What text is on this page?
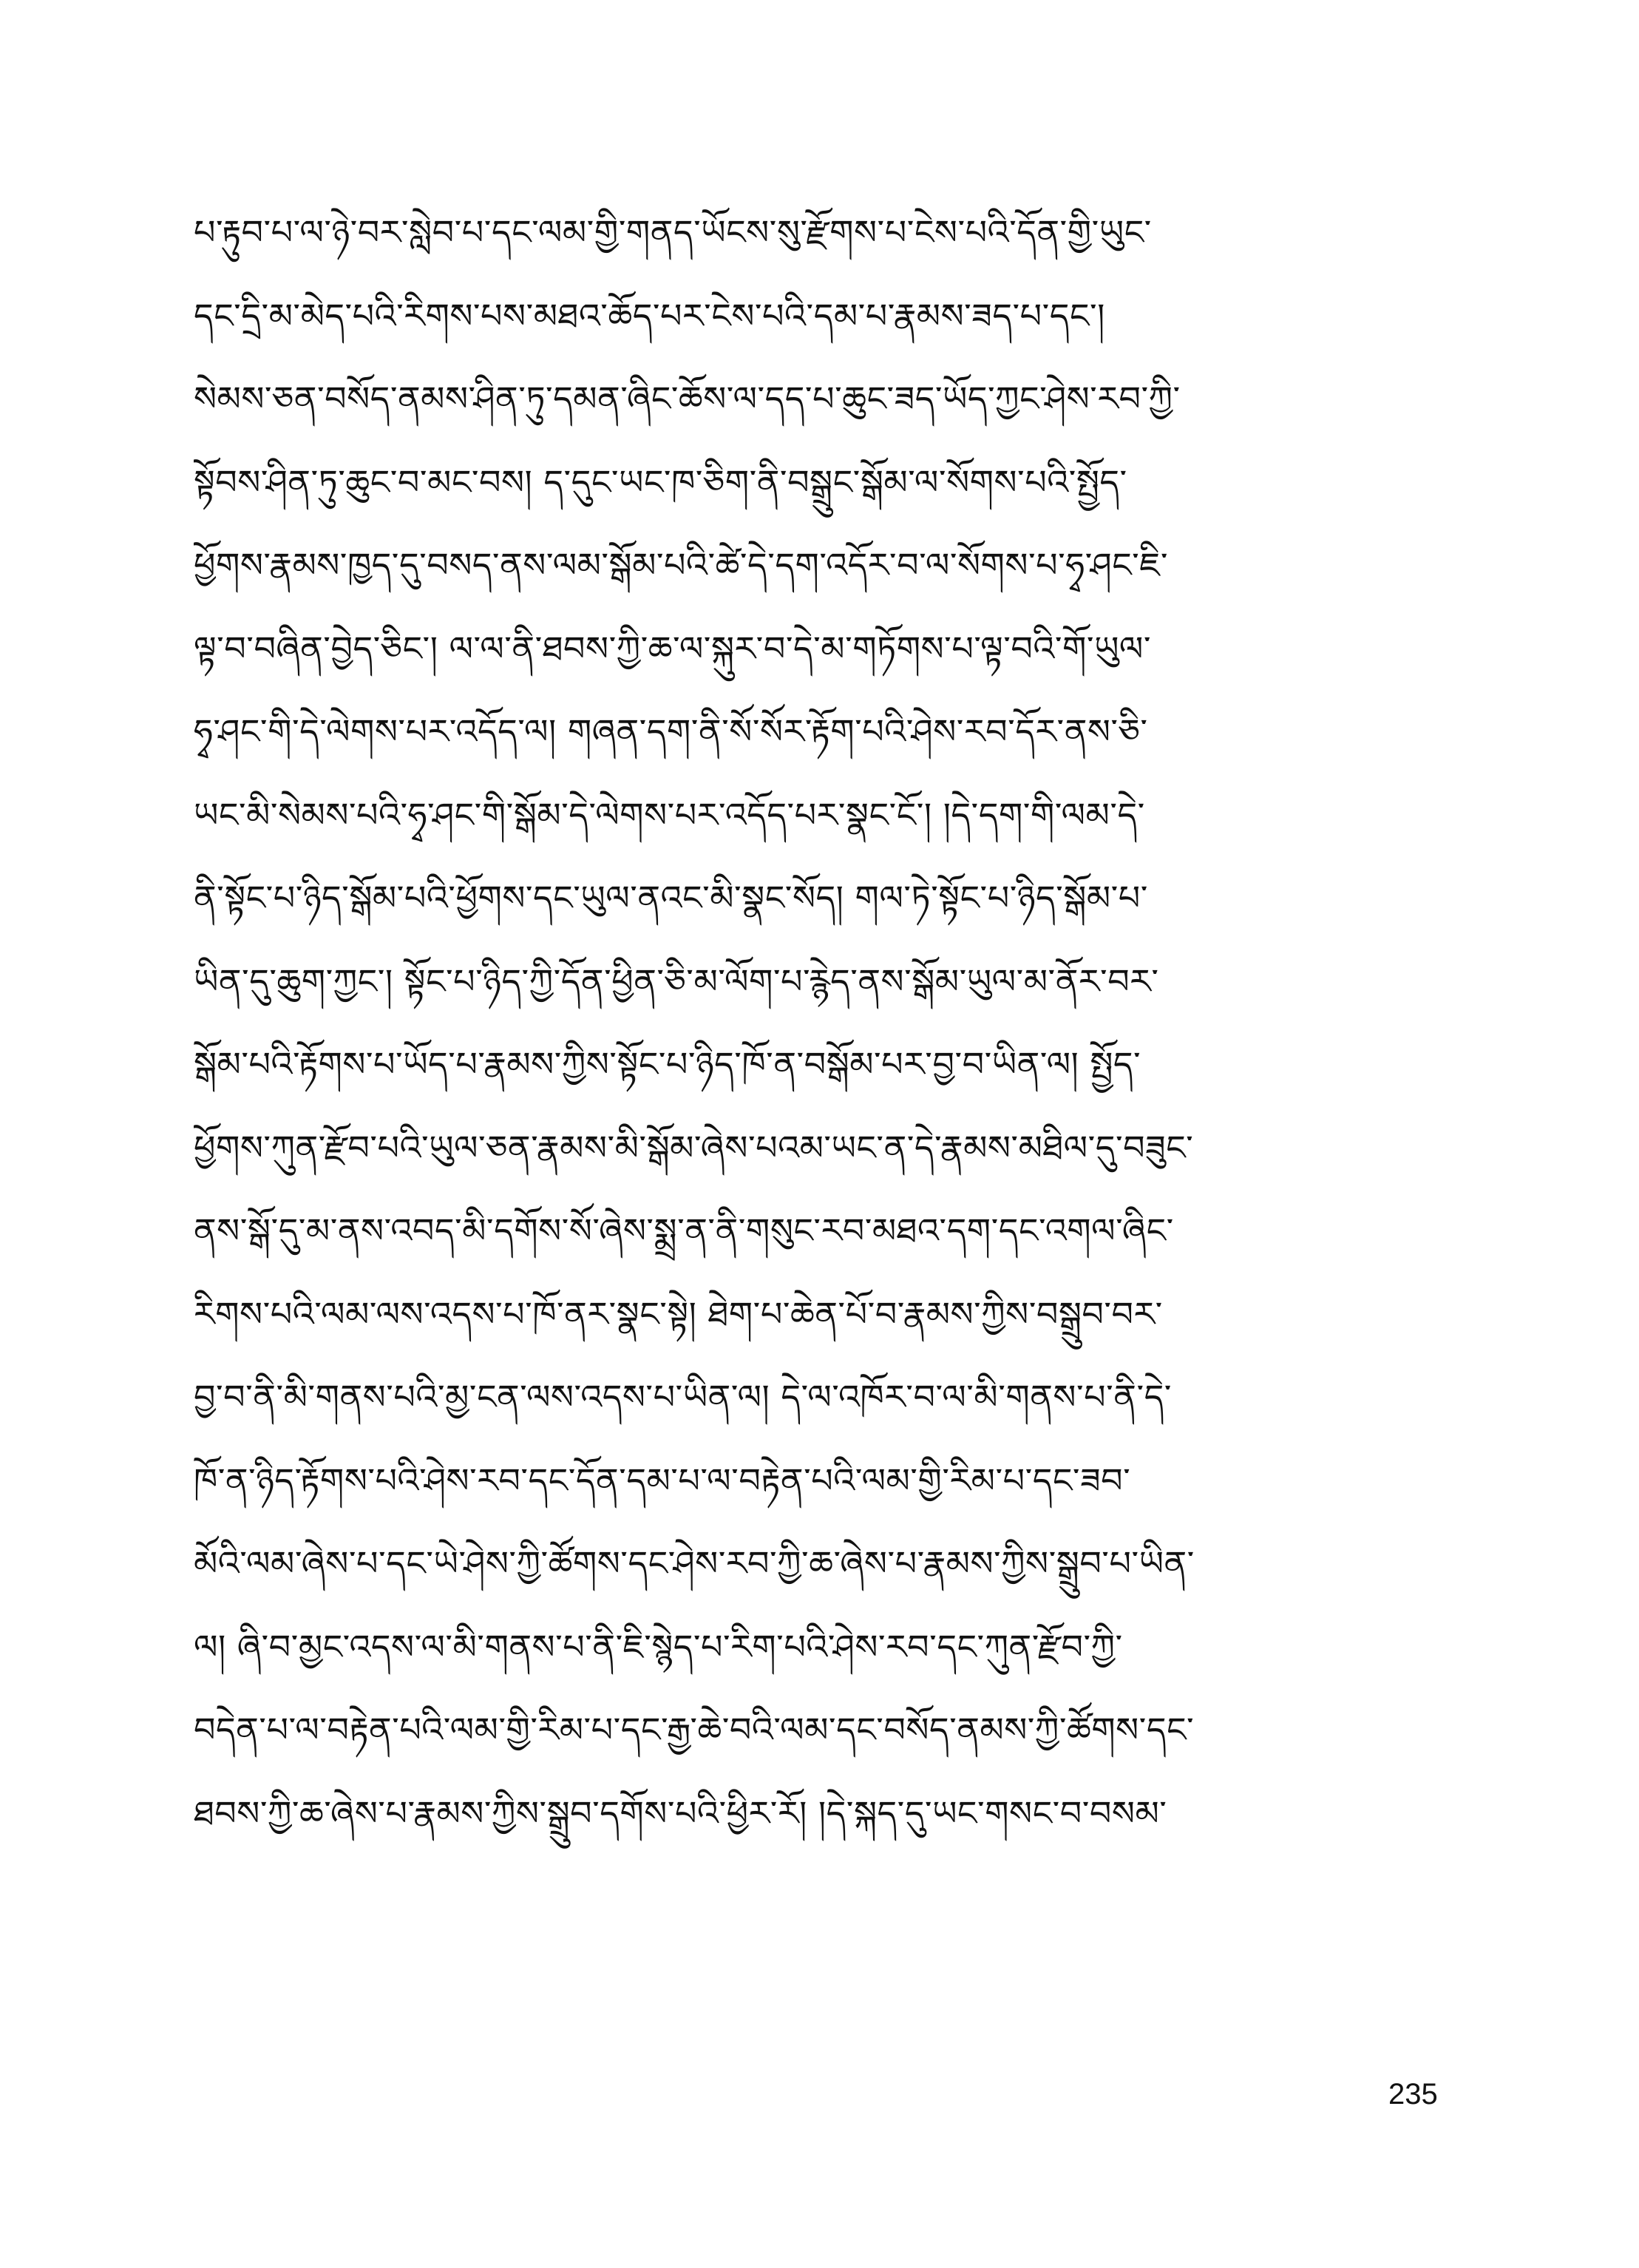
པ་རྟུབ་པ་ལ་ཉེ་བར་སླེབ་པ་དང་ལམ་གྱི་གནད་ཡོངས་སུ་རྫོགས་པ་ངེས་པའི་དོན་གྱི་ཡུང་
དང་དྲི་མ་མེད་པའི་རིགས་པས་མཐའ་ཆོད་པར་ངེས་པའི་དམ་པ་རྣམས་ཟད་པ་དང་།
སེམས་ཅན་བསོད་ནམས་ཤིན་ཏུ་དམན་ཞིང་ཆོས་ལ་དད་པ་ཆུང་ཟད་ཡོད་ཀྱང་ཤེས་རབ་ཀྱི་
སྟོབས་ཤིན་ཏུ་ཆུང་བ་མང་བས། ད་དུང་ཡང་ཁ་ཅིག་ནི་བསྒྲུང་སྒོམ་ལ་སོགས་པའི་སྤྱོད་
ཕྱོགས་རྣམས་ཁྱད་དུ་བསད་ནས་ལམ་སྒོམ་པའི་ཚེ་དེ་དག་འདོར་བ་ལ་སོགས་པ་ཧྭ་ཤང་ཇི་
ལྟ་བ་བཞིན་བྱེད་ཅིང་། ལ་ལ་ནི་ཐབས་ཀྱི་ཆ་ལ་སྐུར་བ་དེ་མ་གཏོགས་པ་ལྟ་བའི་གོ་ཡུལ་
ཧྭ་ཤང་གི་དེ་ལེགས་པར་འདོད་ལ། གཞན་དག་ནི་སོ་སོར་རྟོག་པའི་ཤེས་རབ་དོར་ནས་ཅི་
ཡང་མི་སེམས་པའི་ཧྭ་ཤང་གི་སྒོམ་དེ་ལེགས་པར་འདོད་པར་སྣང་ངོ་། །དེ་དག་གི་ལམ་དེ་
ནི་སྟོང་པ་ཉིད་སྒོམ་པའི་ཕྱོགས་དང་ཡུལ་ནའང་མི་སྣང་སོད། གལ་ཏེ་སྟོང་པ་ཉིད་སྒོམ་པ་
ཡིན་དུ་ཆུག་ཀྱང་། སྟོང་པ་ཉིད་ཀྱི་དོན་ཕྱིན་ཅི་མ་ལོག་པ་རྙེད་ནས་སྒོམ་ཡུལ་མ་ནོར་བར་
སྒོམ་པའི་རྟོགས་པ་ཡོད་པ་རྣམས་ཀྱིས་སྟོང་པ་ཉིད་ཁོ་ན་བསྒོམ་པར་བྱ་བ་ཡིན་ལ། སྤྱོད་
ཕྱོགས་ཀུན་རྫོབ་པའི་ཡུལ་ཅན་རྣམས་མི་སྒོམ་ཞེས་པའམ་ཡང་ན་དེ་རྣམས་མཐིལ་དུ་བཟུང་
ནས་སྒོ་དུ་མ་ནས་འབད་མི་དགོས་སོ་ཞེས་སྨྲ་ན་ནི་གསུང་རབ་མཐའ་དག་དང་འགལ་ཞིང་
རིགས་པའི་ལམ་ལས་འདས་པ་ཁོ་ནར་སྣང་སྟེ། ཐེག་པ་ཆེན་པོ་བ་རྣམས་ཀྱིས་བསྒྲུབ་བར་
བྱ་བ་ནི་མི་གནས་པའི་མྱ་ངན་ལས་འདས་པ་ཡིན་ལ། དེ་ལ་འཁོར་བ་ལ་མི་གནས་པ་ནི་དེ་
ཁོ་ན་ཉིད་རྟོགས་པའི་ཤེས་རབ་དང་དོན་དམ་པ་ལ་བརྟེན་པའི་ལམ་གྱི་རིམ་པ་དང་ཟབ་
མོའི་ལམ་ཞེས་པ་དང་ཡེ་ཤེས་ཀྱི་ཚོགས་དང་ཤེས་རབ་ཀྱི་ཆ་ཞེས་པ་རྣམས་ཀྱིས་སྒྲུབ་པ་ཡིན་
ལ། ཞི་བ་མྱང་འདས་ལ་མི་གནས་པ་ནི་ཇི་སྙེད་པ་རིག་པའི་ཤེས་རབ་དང་ཀུན་རྫོབ་ཀྱི་
བདེན་པ་ལ་བརྟེན་པའི་ལམ་གྱི་རིམ་པ་དང་རྒྱ་ཆེ་བའི་ལམ་དང་བསོད་ནམས་ཀྱི་ཚོགས་དང་
ཐབས་ཀྱི་ཆ་ཞེས་པ་རྣམས་ཀྱིས་སྒྲུབ་དགོས་པའི་ཕྱིར་རོ། །དེ་སྐད་དུ་ཡང་གསང་བ་བསམ་
235
